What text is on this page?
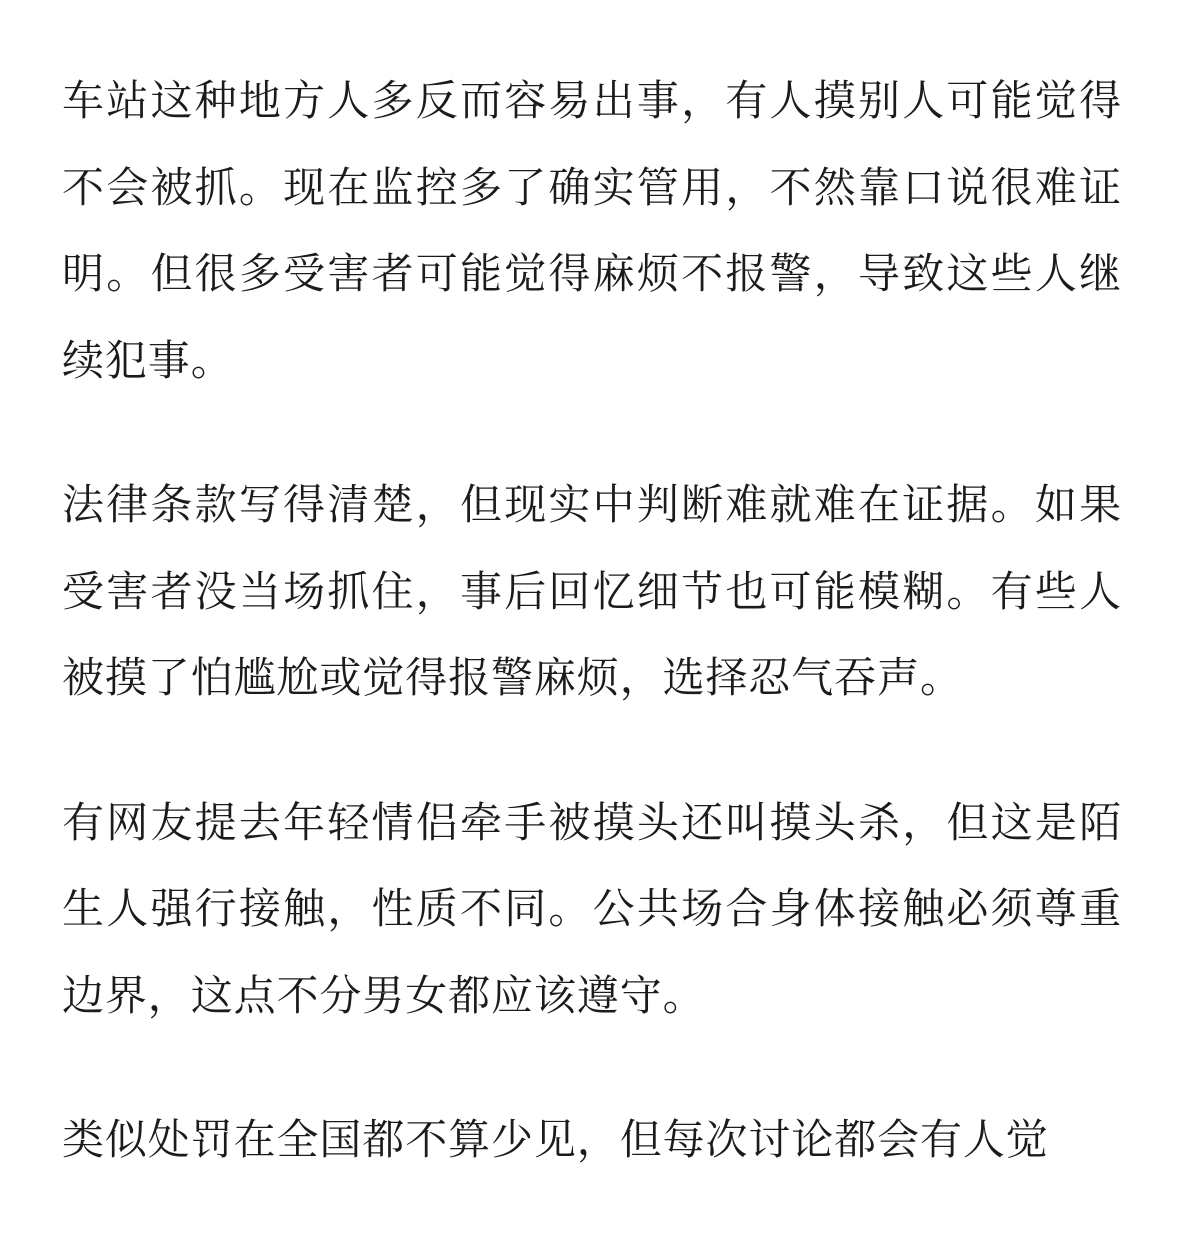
车站这种地方人多反而容易出事，有人摸别人可能觉得不会被抓。现在监控多了确实管用，不然靠口说很难证明。但很多受害者可能觉得麻烦不报警，导致这些人继续犯事。

法律条款写得清楚，但现实中判断难就难在证据。如果受害者没当场抓住，事后回忆细节也可能模糊。有些人被摸了怕尴尬或觉得报警麻烦，选择忍气吞声。

有网友提去年轻情侣牵手被摸头还叫摸头杀，但这是陌生人强行接触，性质不同。公共场合身体接触必须尊重边界，这点不分男女都应该遵守。

类似处罚在全国都不算少见，但每次讨论都会有人觉
